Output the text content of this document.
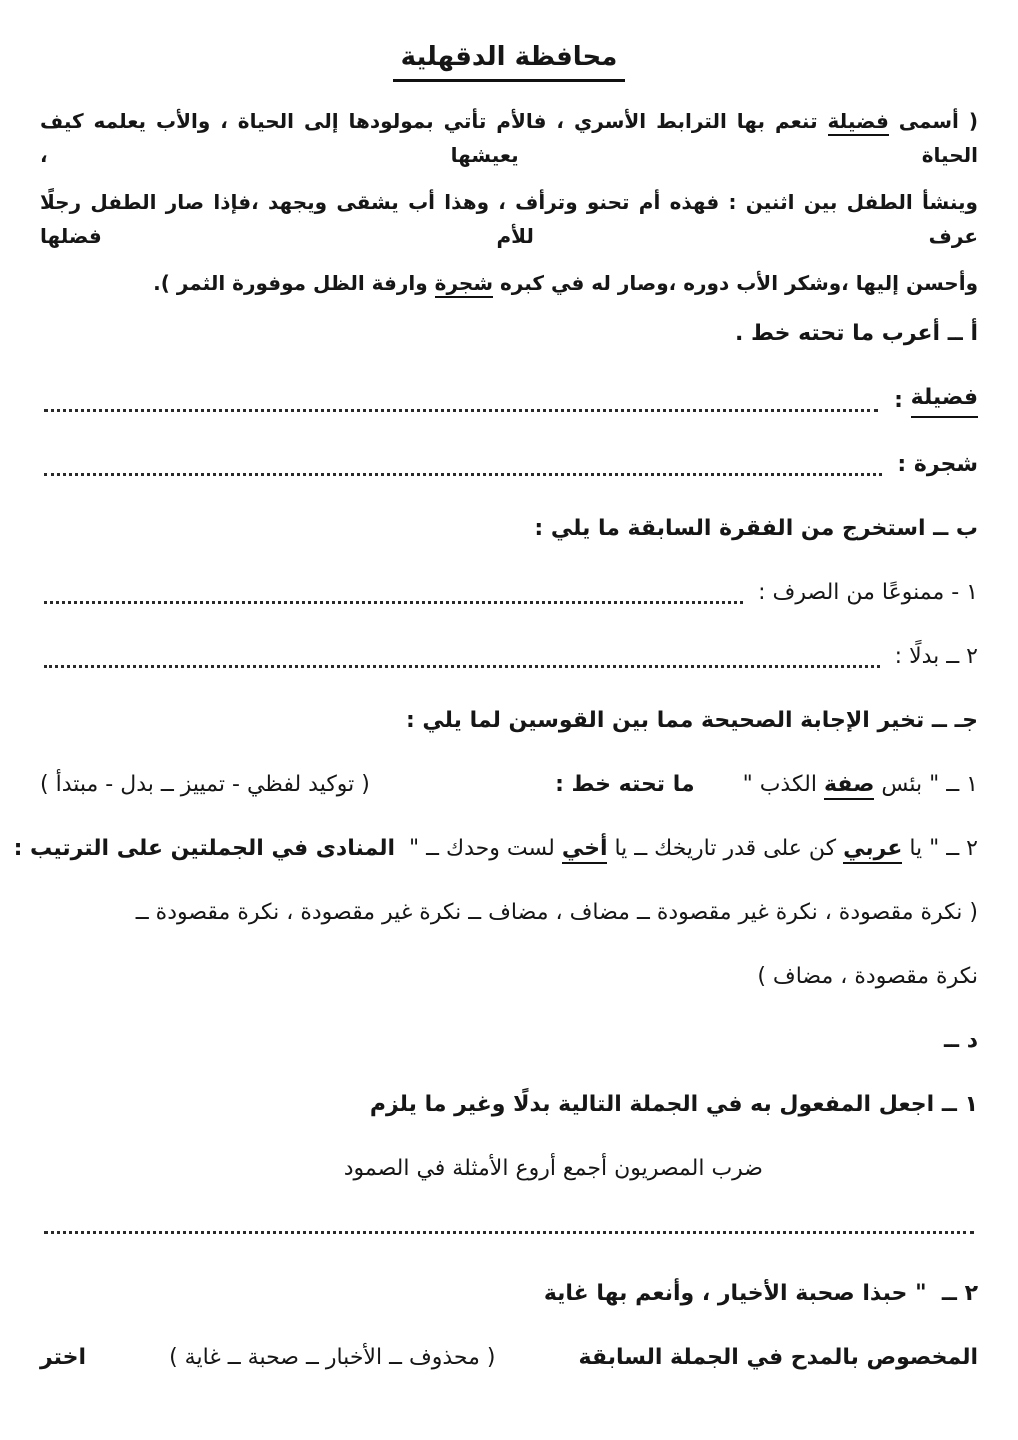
محافظة الدقهلية

( أسمى فضيلة تنعم بها الترابط الأسري ، فالأم تأتي بمولودها إلى الحياة ، والأب يعلمه كيف الحياة يعيشها ،

وينشأ الطفل بين اثنين : فهذه أم تحنو وترأف ، وهذا أب يشقى ويجهد ،فإذا صار الطفل رجلًا عرف للأم فضلها

وأحسن إليها ،وشكر الأب دوره ،وصار له في كبره شجرة وارفة الظل موفورة الثمر ).

أ ــ أعرب ما تحته خط .

فضيلة
:
شجرة
:

ب ــ استخرج من الفقرة السابقة ما يلي :

١ - ممنوعًا من الصرف :
٢ ــ بدلًا :

جـ ــ تخير الإجابة الصحيحة مما بين القوسين لما يلي :

١ ــ " بئس صفة الكذب "  ما تحته خط :
( توكيد لفظي - تمييز ــ بدل - مبتدأ )

٢ ــ " يا عربي كن على قدر تاريخك ــ يا أخي لست وحدك ــ "  المنادى في الجملتين على الترتيب :

( نكرة مقصودة ، نكرة غير مقصودة ــ مضاف ، مضاف ــ نكرة غير مقصودة ، نكرة مقصودة ــ

نكرة مقصودة ، مضاف )

د ــ

١ ــ اجعل المفعول به في الجملة التالية بدلًا وغير ما يلزم

ضرب المصريون أجمع أروع الأمثلة في الصمود

٢ ــ  " حبذا صحبة الأخيار ، وأنعم بها غاية

المخصوص بالمدح في الجملة السابقة
( محذوف ــ الأخبار ــ صحبة ــ غاية )
اختر
